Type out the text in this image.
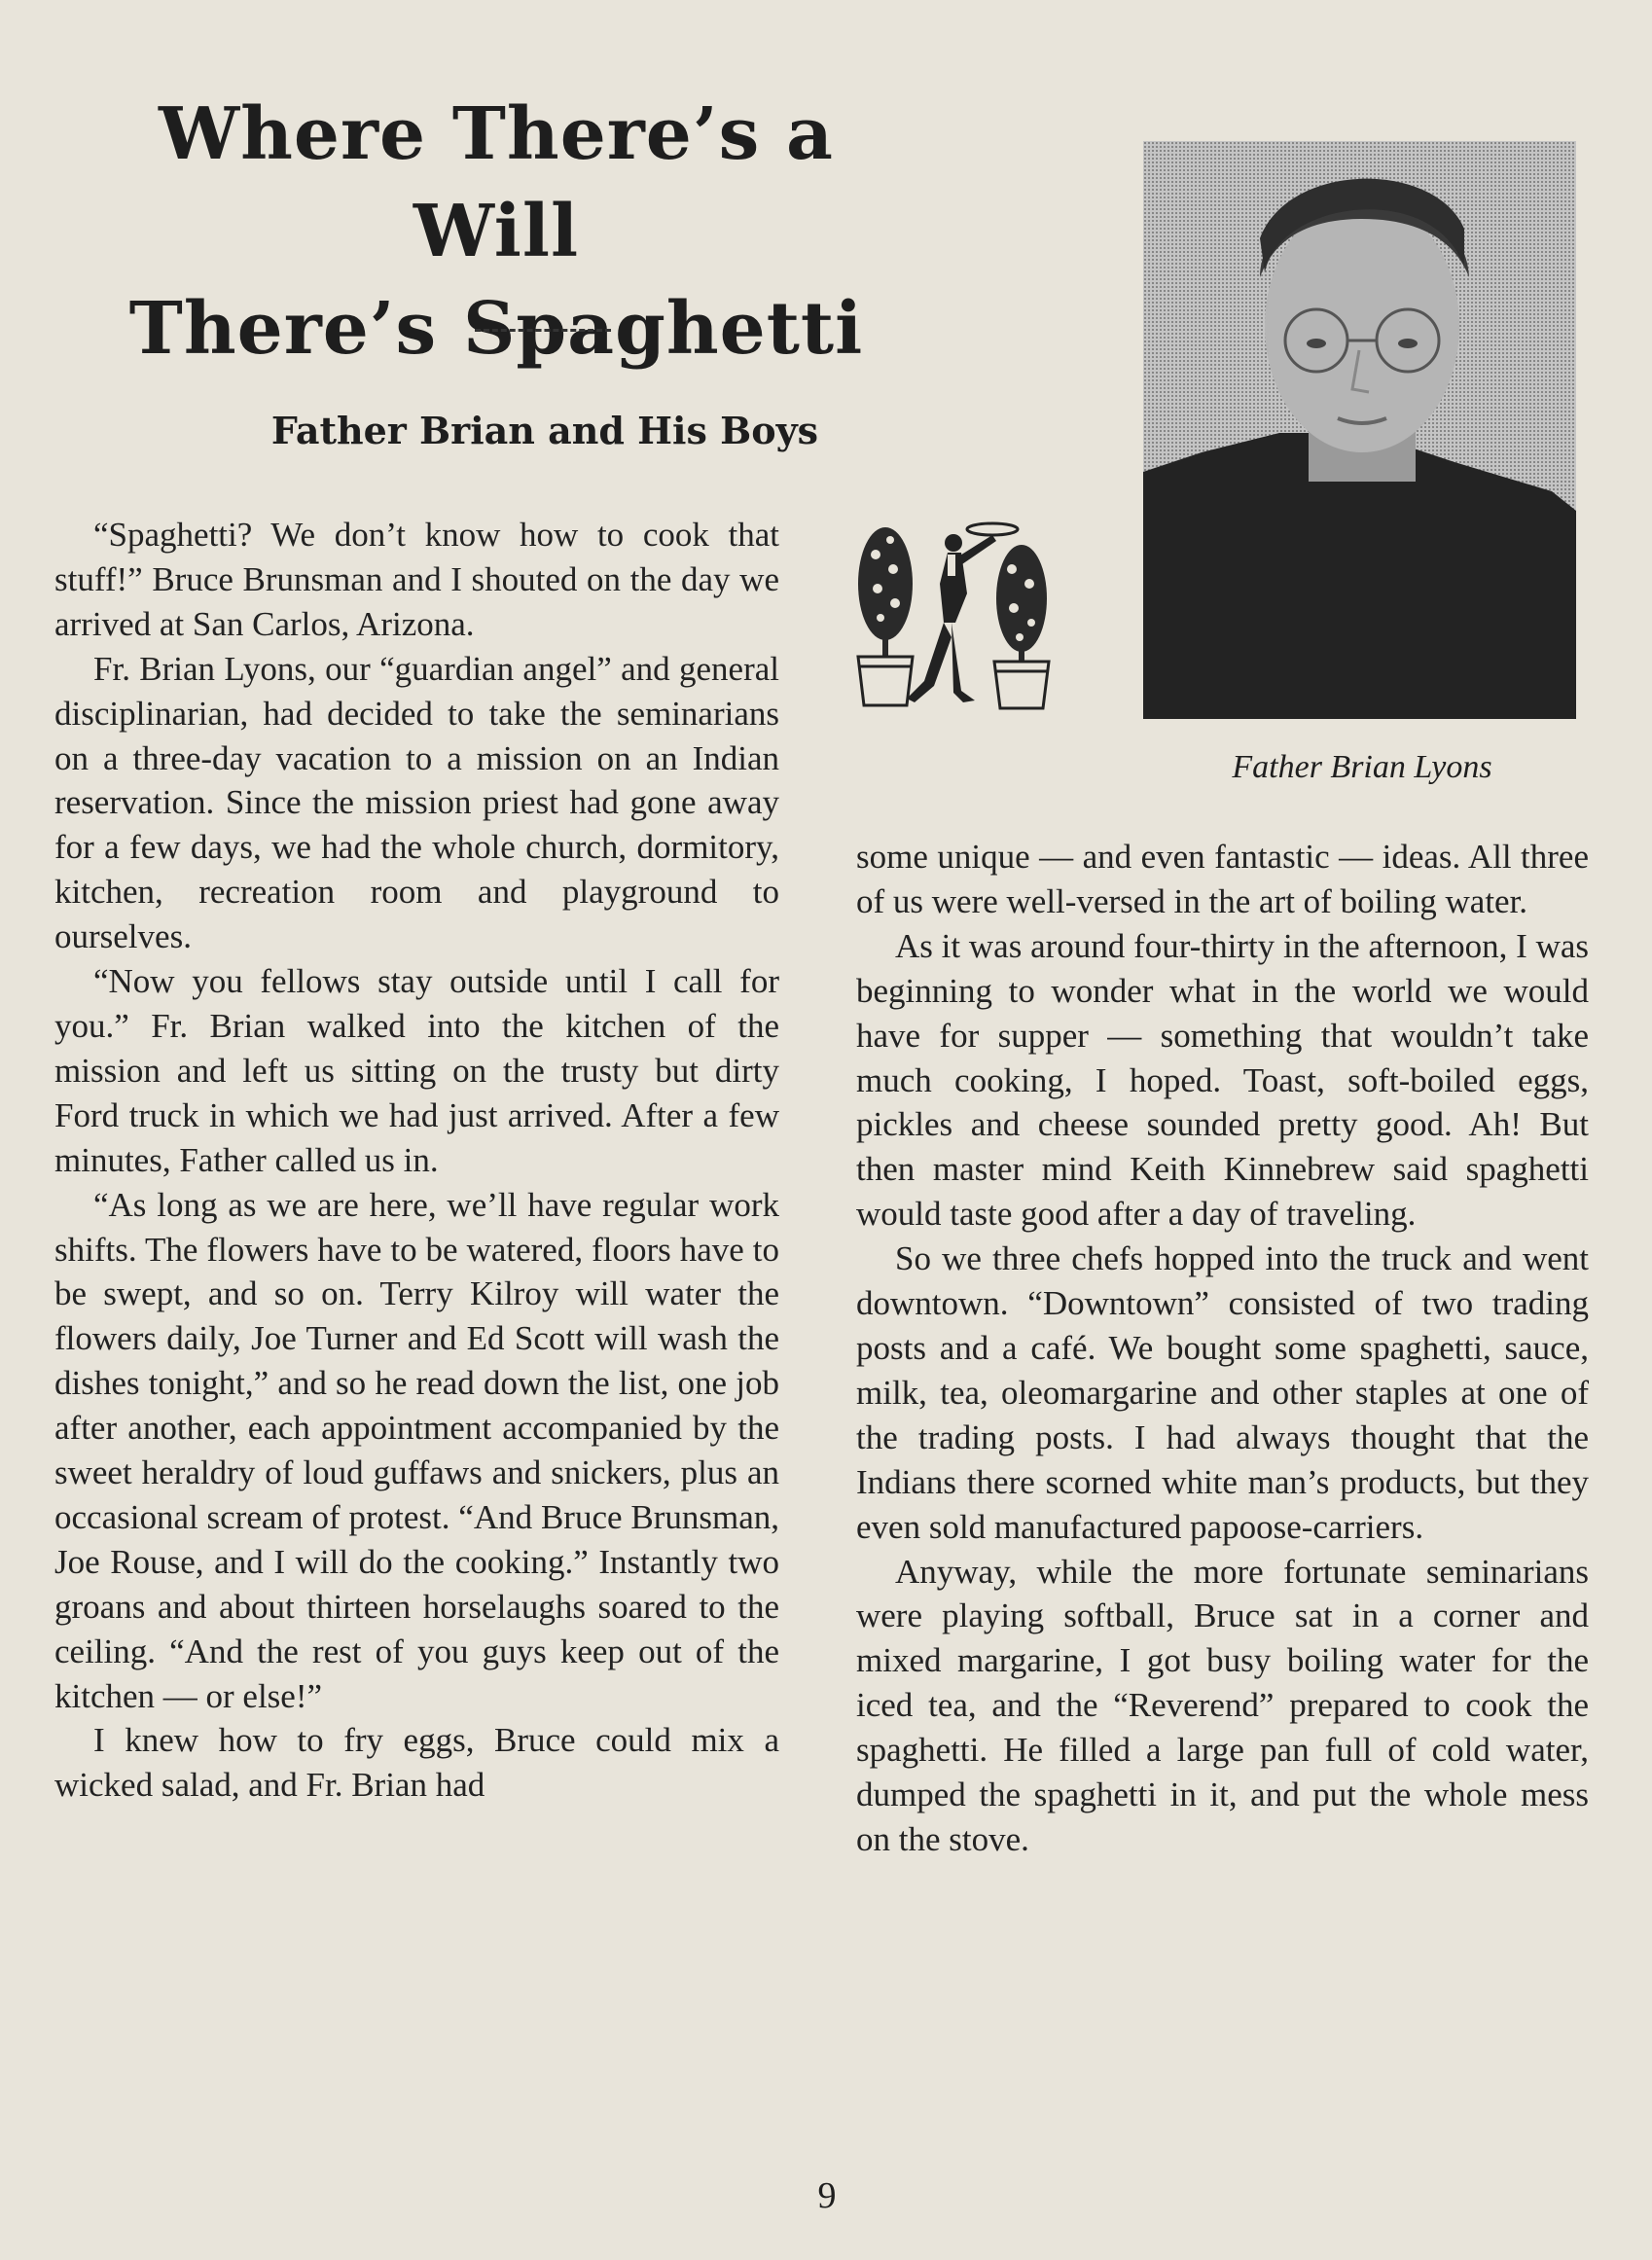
Where There’s a Will
There’s Spaghetti
Father Brian and His Boys
Father Brian Lyons

“Spaghetti? We don’t know how to cook that stuff!” Bruce Brunsman and I shouted on the day we arrived at San Carlos, Arizona.

Fr. Brian Lyons, our “guardian angel” and general disciplinarian, had decided to take the seminarians on a three-day vacation to a mission on an Indian reservation. Since the mission priest had gone away for a few days, we had the whole church, dormitory, kitchen, recreation room and playground to ourselves.

“Now you fellows stay outside until I call for you.” Fr. Brian walked into the kitchen of the mission and left us sitting on the trusty but dirty Ford truck in which we had just arrived. After a few minutes, Father called us in.

“As long as we are here, we’ll have regular work shifts. The flowers have to be watered, floors have to be swept, and so on. Terry Kilroy will water the flowers daily, Joe Turner and Ed Scott will wash the dishes tonight,” and so he read down the list, one job after another, each appointment accompanied by the sweet heraldry of loud guffaws and snickers, plus an occasional scream of protest. “And Bruce Brunsman, Joe Rouse, and I will do the cooking.” Instantly two groans and about thirteen horselaughs soared to the ceiling. “And the rest of you guys keep out of the kitchen — or else!”

I knew how to fry eggs, Bruce could mix a wicked salad, and Fr. Brian had

some unique — and even fantastic — ideas. All three of us were well-versed in the art of boiling water.

As it was around four-thirty in the afternoon, I was beginning to wonder what in the world we would have for supper — something that wouldn’t take much cooking, I hoped. Toast, soft-boiled eggs, pickles and cheese sounded pretty good. Ah! But then master mind Keith Kinnebrew said spaghetti would taste good after a day of traveling.

So we three chefs hopped into the truck and went downtown. “Downtown” consisted of two trading posts and a café. We bought some spaghetti, sauce, milk, tea, oleomargarine and other staples at one of the trading posts. I had always thought that the Indians there scorned white man’s products, but they even sold manufactured papoose-carriers.

Anyway, while the more fortunate seminarians were playing softball, Bruce sat in a corner and mixed margarine, I got busy boiling water for the iced tea, and the “Reverend” prepared to cook the spaghetti. He filled a large pan full of cold water, dumped the spaghetti in it, and put the whole mess on the stove.

9
